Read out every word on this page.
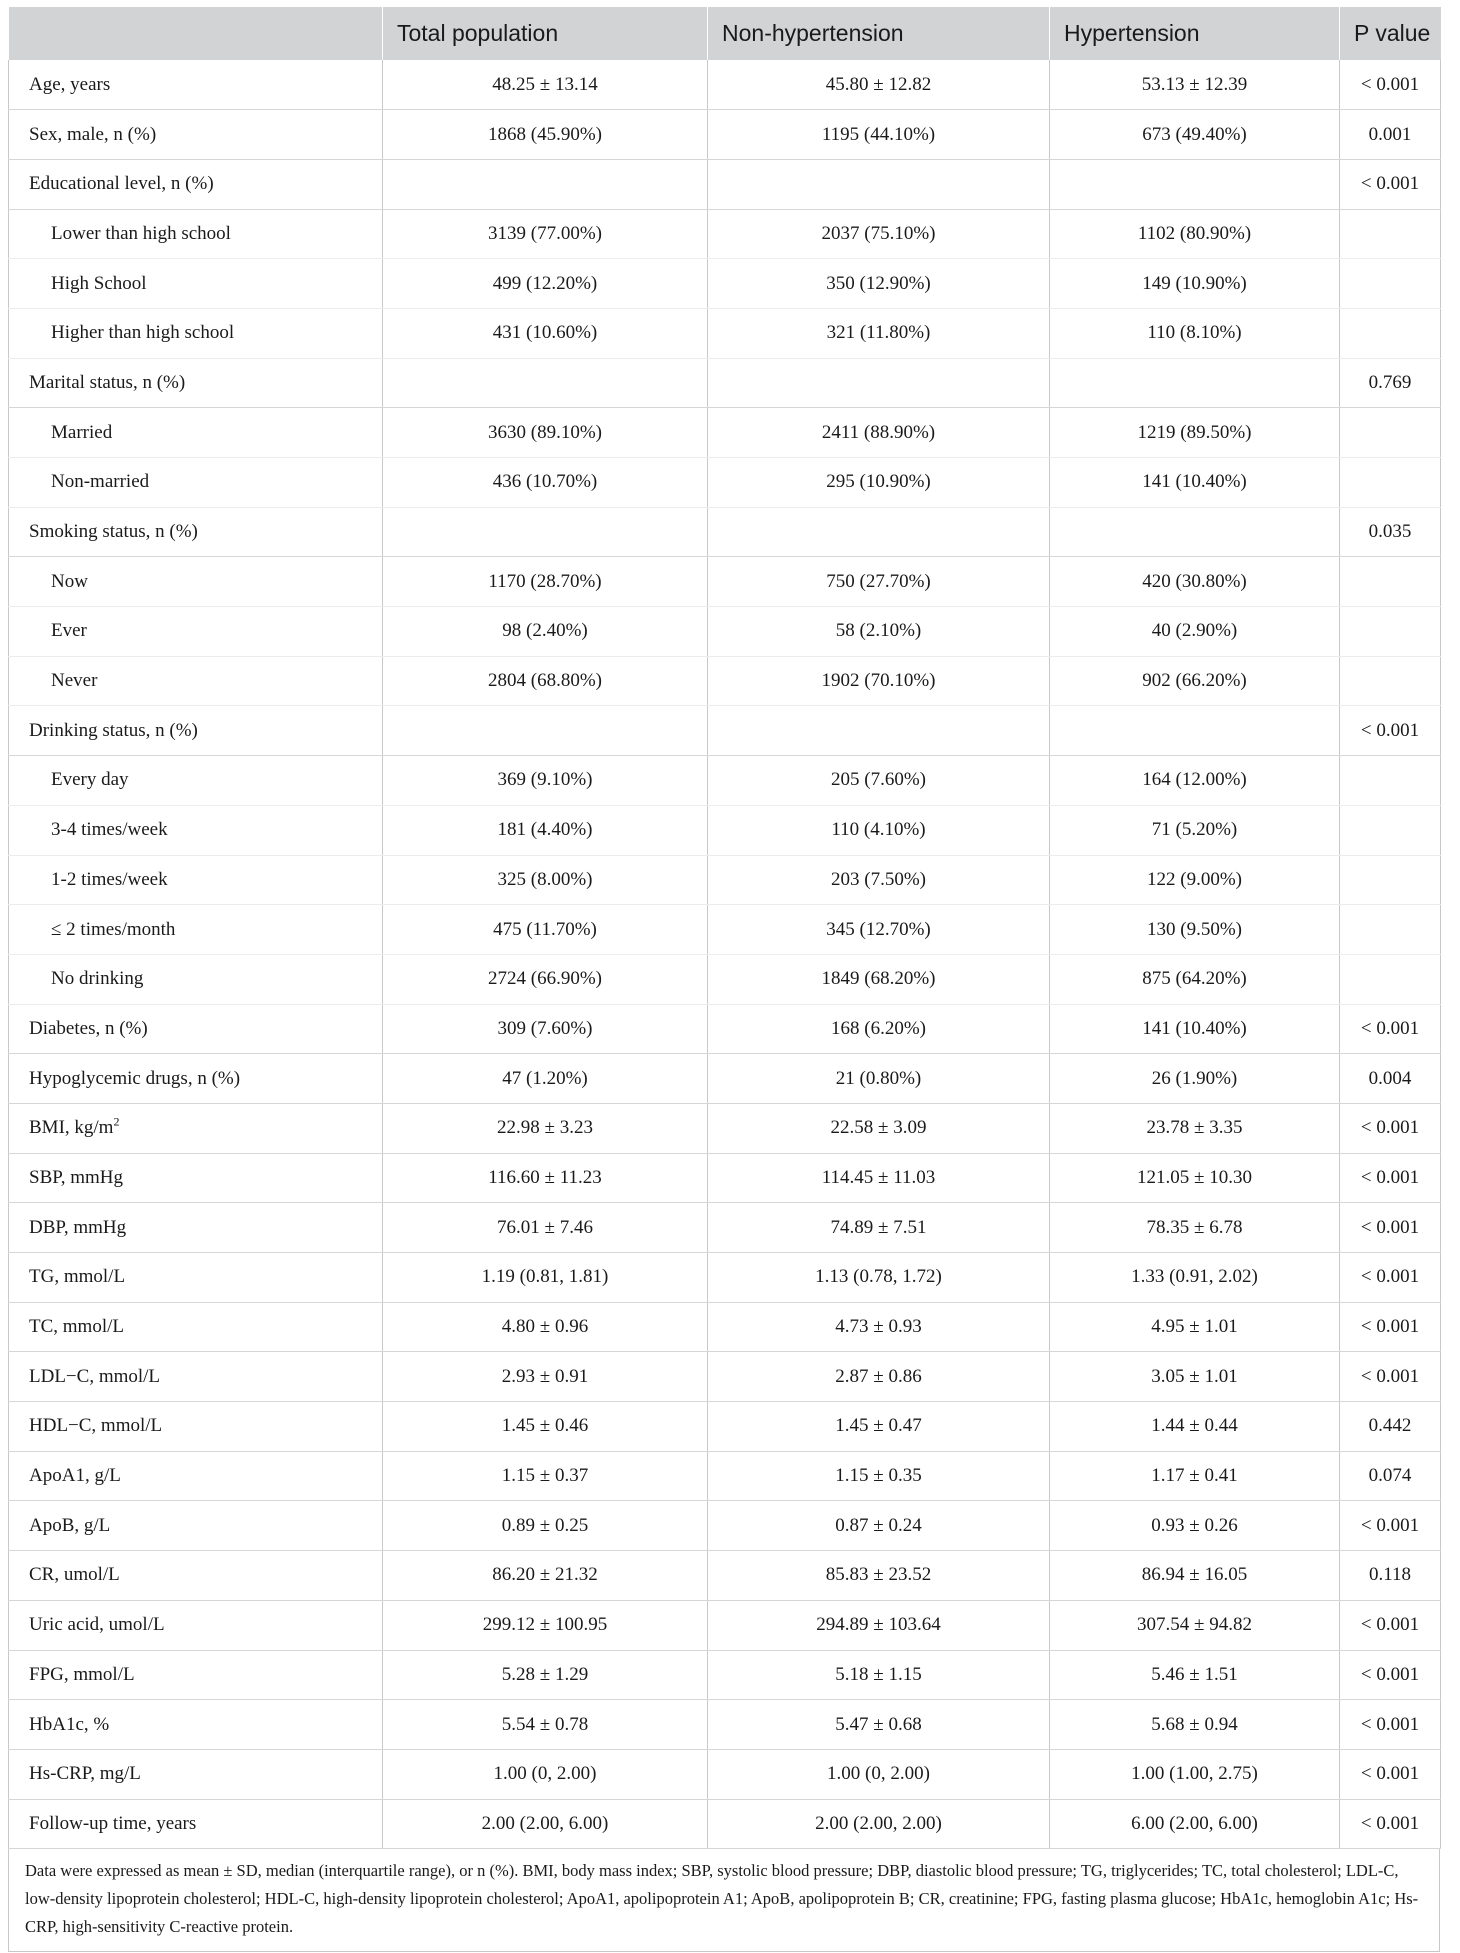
	Total population	Non-hypertension	Hypertension	P value
Age, years	48.25 ± 13.14	45.80 ± 12.82	53.13 ± 12.39	< 0.001
Sex, male, n (%)	1868 (45.90%)	1195 (44.10%)	673 (49.40%)	0.001
Educational level, n (%)				< 0.001
Lower than high school	3139 (77.00%)	2037 (75.10%)	1102 (80.90%)	
High School	499 (12.20%)	350 (12.90%)	149 (10.90%)	
Higher than high school	431 (10.60%)	321 (11.80%)	110 (8.10%)	
Marital status, n (%)				0.769
Married	3630 (89.10%)	2411 (88.90%)	1219 (89.50%)	
Non-married	436 (10.70%)	295 (10.90%)	141 (10.40%)	
Smoking status, n (%)				0.035
Now	1170 (28.70%)	750 (27.70%)	420 (30.80%)	
Ever	98 (2.40%)	58 (2.10%)	40 (2.90%)	
Never	2804 (68.80%)	1902 (70.10%)	902 (66.20%)	
Drinking status, n (%)				< 0.001
Every day	369 (9.10%)	205 (7.60%)	164 (12.00%)	
3-4 times/week	181 (4.40%)	110 (4.10%)	71 (5.20%)	
1-2 times/week	325 (8.00%)	203 (7.50%)	122 (9.00%)	
≤ 2 times/month	475 (11.70%)	345 (12.70%)	130 (9.50%)	
No drinking	2724 (66.90%)	1849 (68.20%)	875 (64.20%)	
Diabetes, n (%)	309 (7.60%)	168 (6.20%)	141 (10.40%)	< 0.001
Hypoglycemic drugs, n (%)	47 (1.20%)	21 (0.80%)	26 (1.90%)	0.004
BMI, $kg/m^2$	22.98 ± 3.23	22.58 ± 3.09	23.78 ± 3.35	< 0.001
SBP, mmHg	116.60 ± 11.23	114.45 ± 11.03	121.05 ± 10.30	< 0.001
DBP, mmHg	76.01 ± 7.46	74.89 ± 7.51	78.35 ± 6.78	< 0.001
TG, mmol/L	1.19 (0.81, 1.81)	1.13 (0.78, 1.72)	1.33 (0.91, 2.02)	< 0.001
TC, mmol/L	4.80 ± 0.96	4.73 ± 0.93	4.95 ± 1.01	< 0.001
LDL−C, mmol/L	2.93 ± 0.91	2.87 ± 0.86	3.05 ± 1.01	< 0.001
HDL−C, mmol/L	1.45 ± 0.46	1.45 ± 0.47	1.44 ± 0.44	0.442
ApoA1, g/L	1.15 ± 0.37	1.15 ± 0.35	1.17 ± 0.41	0.074
ApoB, g/L	0.89 ± 0.25	0.87 ± 0.24	0.93 ± 0.26	< 0.001
CR, umol/L	86.20 ± 21.32	85.83 ± 23.52	86.94 ± 16.05	0.118
Uric acid, umol/L	299.12 ± 100.95	294.89 ± 103.64	307.54 ± 94.82	< 0.001
FPG, mmol/L	5.28 ± 1.29	5.18 ± 1.15	5.46 ± 1.51	< 0.001
HbA1c, %	5.54 ± 0.78	5.47 ± 0.68	5.68 ± 0.94	< 0.001
Hs-CRP, mg/L	1.00 (0, 2.00)	1.00 (0, 2.00)	1.00 (1.00, 2.75)	< 0.001
Follow-up time, years	2.00 (2.00, 6.00)	2.00 (2.00, 2.00)	6.00 (2.00, 6.00)	< 0.001
Data were expressed as mean ± SD, median (interquartile range), or n (%). BMI, body mass index; SBP, systolic blood pressure; DBP, diastolic blood pressure; TG, triglycerides; TC, total cholesterol; LDL-C, low-density lipoprotein cholesterol; HDL-C, high-density lipoprotein cholesterol; ApoA1, apolipoprotein A1; ApoB, apolipoprotein B; CR, creatinine; FPG, fasting plasma glucose; HbA1c, hemoglobin A1c; Hs-CRP, high-sensitivity C-reactive protein.
